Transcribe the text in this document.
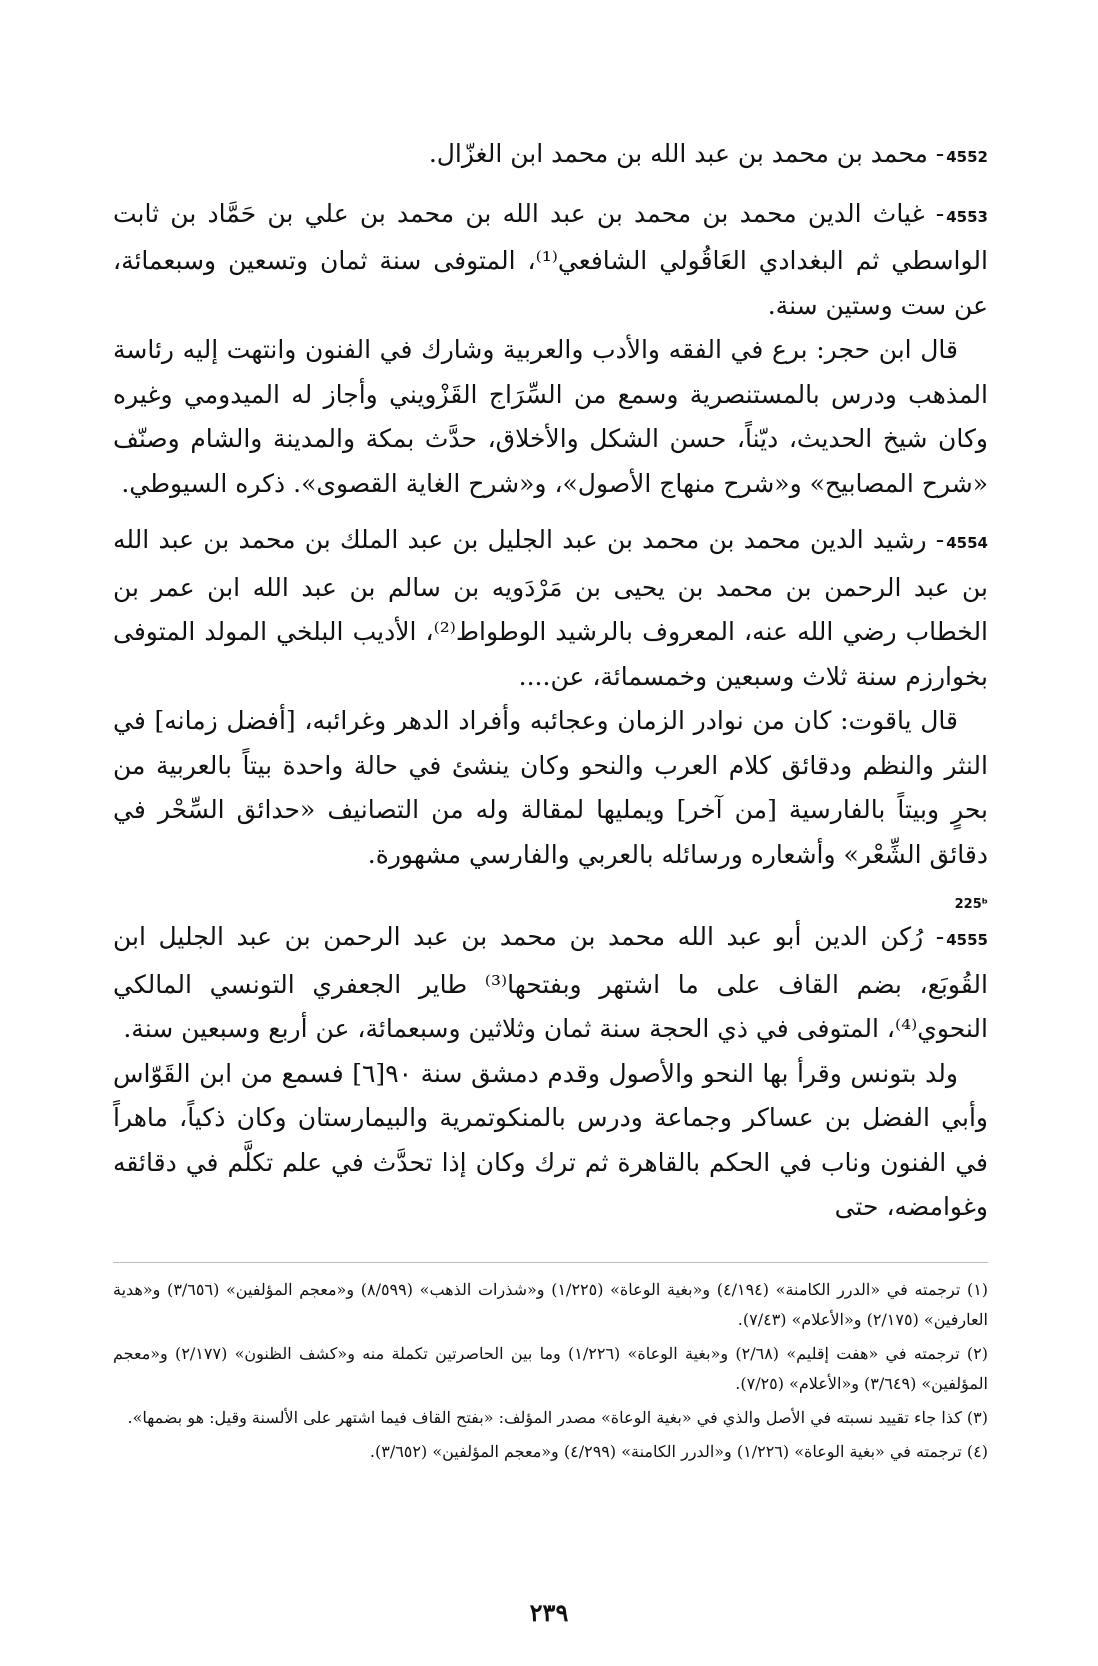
4552- محمد بن محمد بن عبد الله بن محمد ابن الغزّال.

4553- غياث الدين محمد بن محمد بن عبد الله بن محمد بن علي بن حَمَّاد بن ثابت الواسطي ثم البغدادي العَاقُولي الشافعي⁽¹⁾، المتوفى سنة ثمان وتسعين وسبعمائة، عن ست وستين سنة.

قال ابن حجر: برع في الفقه والأدب والعربية وشارك في الفنون وانتهت إليه رئاسة المذهب ودرس بالمستنصرية وسمع من السِّرَاج القَزْويني وأجاز له الميدومي وغيره وكان شيخ الحديث، ديّناً، حسن الشكل والأخلاق، حدَّث بمكة والمدينة والشام وصنّف «شرح المصابيح» و«شرح منهاج الأصول»، و«شرح الغاية القصوى». ذكره السيوطي.

4554- رشيد الدين محمد بن محمد بن عبد الجليل بن عبد الملك بن محمد بن عبد الله بن عبد الرحمن بن محمد بن يحيى بن مَرْدَويه بن سالم بن عبد الله ابن عمر بن الخطاب رضي الله عنه، المعروف بالرشيد الوطواط⁽²⁾، الأديب البلخي المولد المتوفى بخوارزم سنة ثلاث وسبعين وخمسمائة، عن....

قال ياقوت: كان من نوادر الزمان وعجائبه وأفراد الدهر وغرائبه، [أفضل زمانه] في النثر والنظم ودقائق كلام العرب والنحو وكان ينشئ في حالة واحدة بيتاً بالعربية من بحرٍ وبيتاً بالفارسية [من آخر] ويمليها لمقالة وله من التصانيف «حدائق السِّحْر في دقائق الشِّعْر» وأشعاره ورسائله بالعربي والفارسي مشهورة.

225ᵇ

4555- رُكن الدين أبو عبد الله محمد بن محمد بن عبد الرحمن بن عبد الجليل ابن القُوبَع، بضم القاف على ما اشتهر وبفتحها⁽³⁾ طاير الجعفري التونسي المالكي النحوي⁽⁴⁾، المتوفى في ذي الحجة سنة ثمان وثلاثين وسبعمائة، عن أربع وسبعين سنة.

ولد بتونس وقرأ بها النحو والأصول وقدم دمشق سنة ٩٠[٦] فسمع من ابن القَوّاس وأبي الفضل بن عساكر وجماعة ودرس بالمنكوتمرية والبيمارستان وكان ذكياً، ماهراً في الفنون وناب في الحكم بالقاهرة ثم ترك وكان إذا تحدَّث في علم تكلَّم في دقائقه وغوامضه، حتى

(١) ترجمته في «الدرر الكامنة» (٤/١٩٤) و«بغية الوعاة» (١/٢٢٥) و«شذرات الذهب» (٨/٥٩٩) و«معجم المؤلفين» (٣/٦٥٦) و«هدية العارفين» (٢/١٧٥) و«الأعلام» (٧/٤٣).

(٢) ترجمته في «هفت إقليم» (٢/٦٨) و«بغية الوعاة» (١/٢٢٦) وما بين الحاصرتين تكملة منه و«كشف الظنون» (٢/١٧٧) و«معجم المؤلفين» (٣/٦٤٩) و«الأعلام» (٧/٢٥).

(٣) كذا جاء تقييد نسبته في الأصل والذي في «بغية الوعاة» مصدر المؤلف: «بفتح القاف فيما اشتهر على الألسنة وقيل: هو بضمها».

(٤) ترجمته في «بغية الوعاة» (١/٢٢٦) و«الدرر الكامنة» (٤/٢٩٩) و«معجم المؤلفين» (٣/٦٥٢).

٢٣٩
